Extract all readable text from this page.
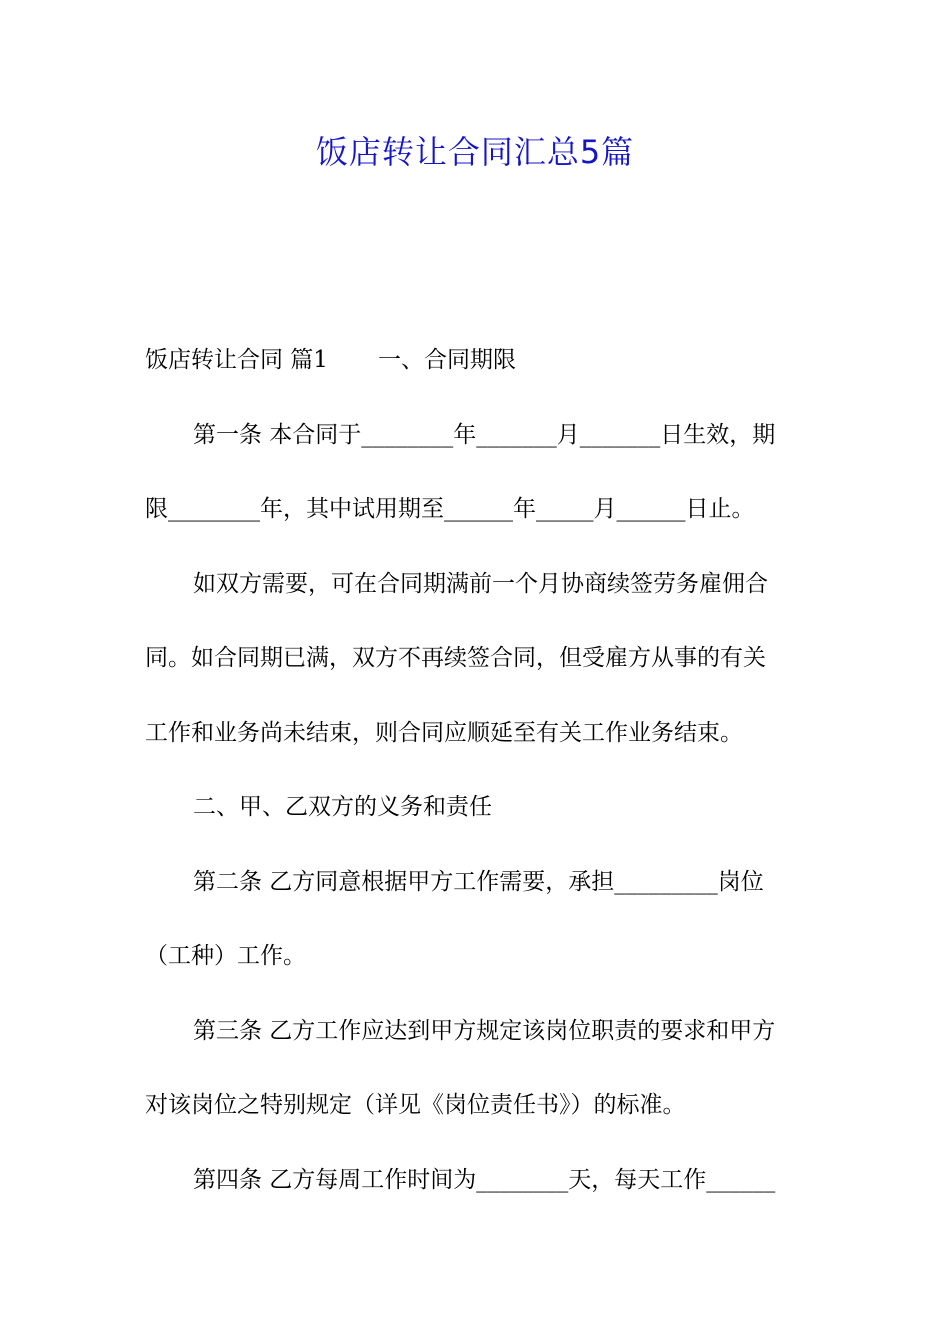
饭店转让合同汇总5篇
饭店转让合同 篇1 一、合同期限
第一条 本合同于________年_______月_______日生效，期
限________年，其中试用期至______年_____月______日止。
如双方需要，可在合同期满前一个月协商续签劳务雇佣合
同。如合同期已满，双方不再续签合同，但受雇方从事的有关
工作和业务尚未结束，则合同应顺延至有关工作业务结束。
二、甲、乙双方的义务和责任
第二条 乙方同意根据甲方工作需要，承担_________岗位
（工种）工作。
第三条 乙方工作应达到甲方规定该岗位职责的要求和甲方
对该岗位之特别规定（详见《岗位责任书》）的标准。
第四条 乙方每周工作时间为________天，每天工作______
